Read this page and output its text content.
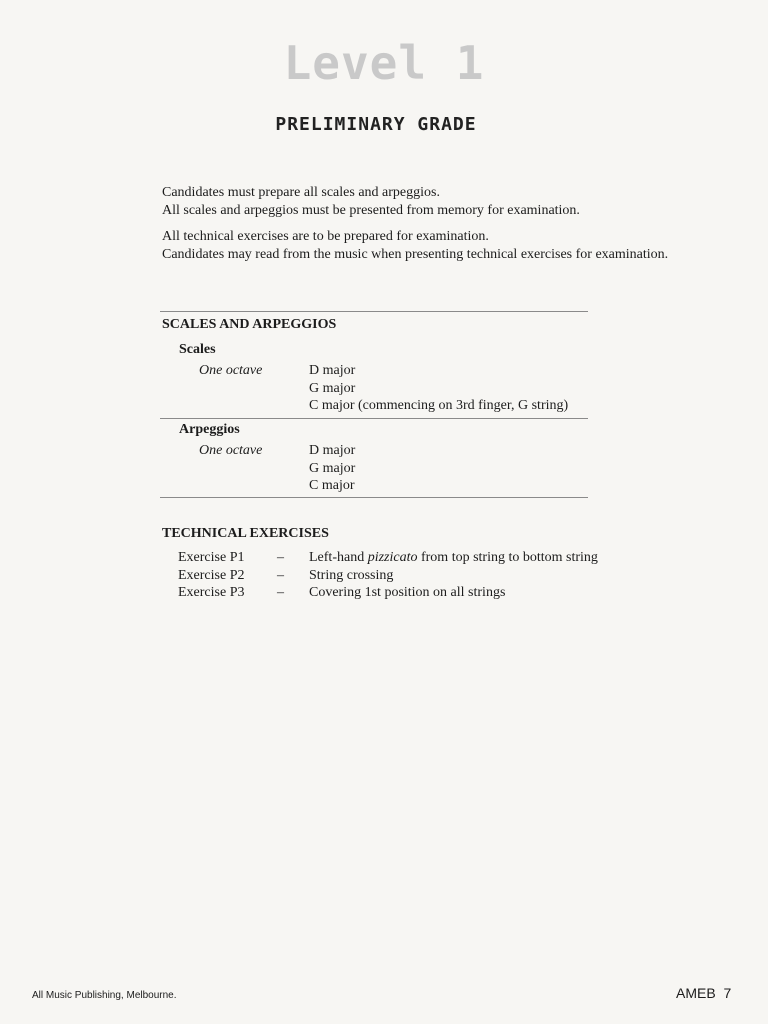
Level 1
PRELIMINARY GRADE

Candidates must prepare all scales and arpeggios.

All scales and arpeggios must be presented from memory for examination.

All technical exercises are to be prepared for examination.

Candidates may read from the music when presenting technical exercises for examination.

SCALES AND ARPEGGIOS
Scales
One octave	D major
G major
C major (commencing on 3rd finger, G string)
Arpeggios
One octave	D major
G major
C major
TECHNICAL EXERCISES
Exercise P1 – Left-hand pizzicato from top string to bottom string
Exercise P2 – String crossing
Exercise P3 – Covering 1st position on all strings
All Music Publishing, Melbourne.	AMEB  7
